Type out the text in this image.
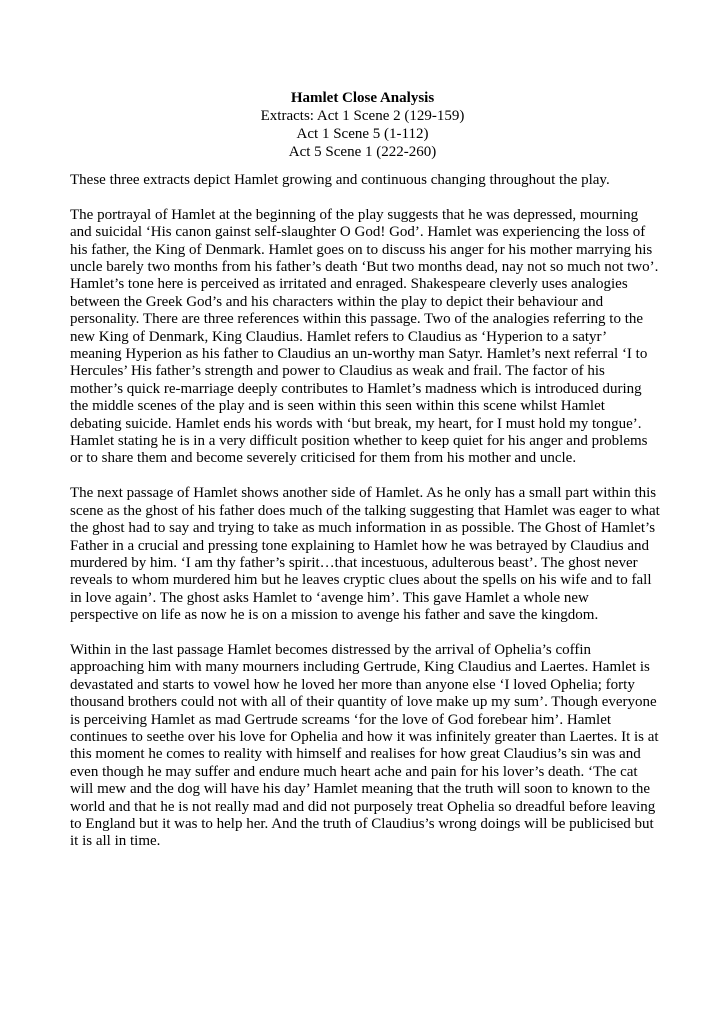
Hamlet Close Analysis
Extracts: Act 1 Scene 2 (129-159)
Act 1 Scene 5 (1-112)
Act 5 Scene 1 (222-260)

These three extracts depict Hamlet growing and continuous changing throughout the play.

The portrayal of Hamlet at the beginning of the play suggests that he was depressed, mourning and suicidal ‘His canon gainst self-slaughter O God! God’. Hamlet was experiencing the loss of his father, the King of Denmark. Hamlet goes on to discuss his anger for his mother marrying his uncle barely two months from his father’s death ‘But two months dead, nay not so much not two’. Hamlet’s tone here is perceived as irritated and enraged. Shakespeare cleverly uses analogies between the Greek God’s and his characters within the play to depict their behaviour and personality. There are three references within this passage. Two of the analogies referring to the new King of Denmark, King Claudius. Hamlet refers to Claudius as ‘Hyperion to a satyr’ meaning Hyperion as his father to Claudius an un-worthy man Satyr. Hamlet’s next referral ‘I to Hercules’ His father’s strength and power to Claudius as weak and frail. The factor of his mother’s quick re-marriage deeply contributes to Hamlet’s madness which is introduced during the middle scenes of the play and is seen within this seen within this scene whilst Hamlet debating suicide. Hamlet ends his words with ‘but break, my heart, for I must hold my tongue’. Hamlet stating he is in a very difficult position whether to keep quiet for his anger and problems or to share them and become severely criticised for them from his mother and uncle.

The next passage of Hamlet shows another side of Hamlet. As he only has a small part within this scene as the ghost of his father does much of the talking suggesting that Hamlet was eager to what the ghost had to say and trying to take as much information in as possible. The Ghost of Hamlet’s Father in a crucial and pressing tone explaining to Hamlet how he was betrayed by Claudius and murdered by him. ‘I am thy father’s spirit…that incestuous, adulterous beast’. The ghost never reveals to whom murdered him but he leaves cryptic clues about the spells on his wife and to fall in love again’. The ghost asks Hamlet to ‘avenge him’. This gave Hamlet a whole new perspective on life as now he is on a mission to avenge his father and save the kingdom.

Within in the last passage Hamlet becomes distressed by the arrival of Ophelia’s coffin approaching him with many mourners including Gertrude, King Claudius and Laertes. Hamlet is devastated and starts to vowel how he loved her more than anyone else ‘I loved Ophelia; forty thousand brothers could not with all of their quantity of love make up my sum’. Though everyone is perceiving Hamlet as mad Gertrude screams ‘for the love of God forebear him’. Hamlet continues to seethe over his love for Ophelia and how it was infinitely greater than Laertes. It is at this moment he comes to reality with himself and realises for how great Claudius’s sin was and even though he may suffer and endure much heart ache and pain for his lover’s death. ‘The cat will mew and the dog will have his day’ Hamlet meaning that the truth will soon to known to the world and that he is not really mad and did not purposely treat Ophelia so dreadful before leaving to England but it was to help her. And the truth of Claudius’s wrong doings will be publicised but it is all in time.
